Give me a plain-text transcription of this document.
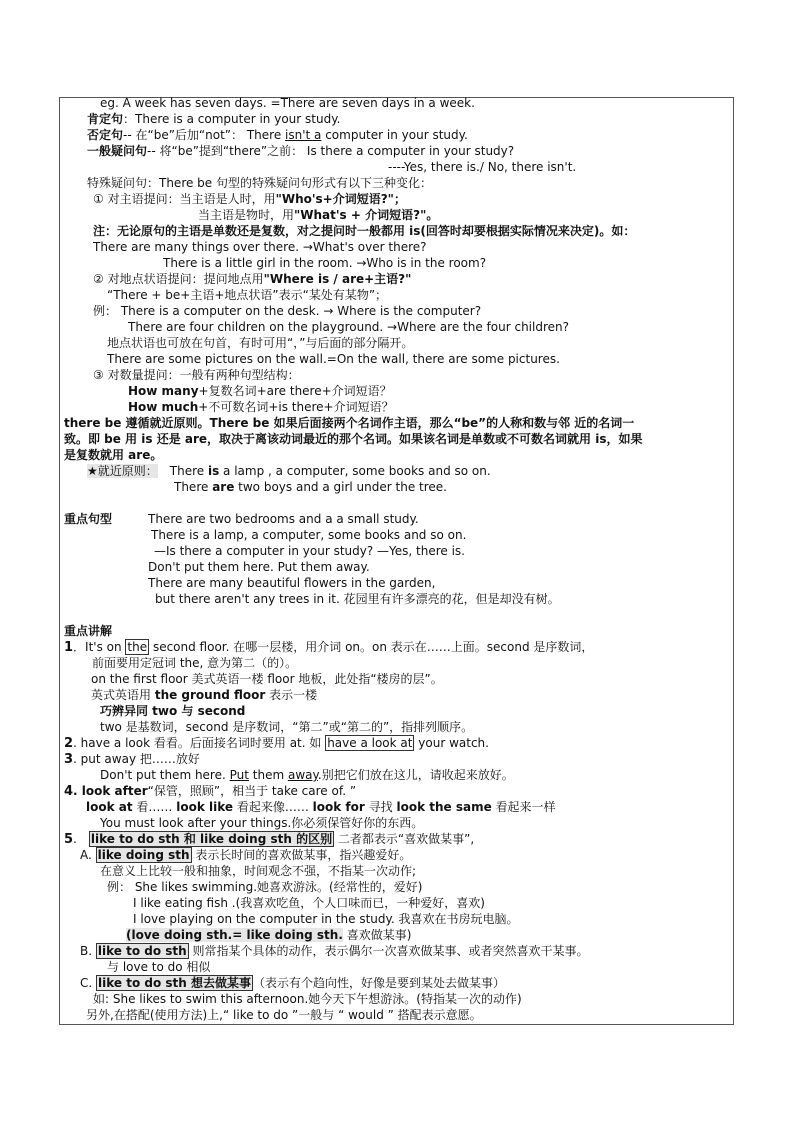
eg. A week has seven days. =There are seven days in a week.
肯定句：There is a computer in your study.
否定句-- 在“be”后加“not”： There isn't a computer in your study.
一般疑问句-- 将“be”提到“there”之前： Is there a computer in your study?
----Yes, there is./ No, there isn't.
特殊疑问句：There be 句型的特殊疑问句形式有以下三种变化：
① 对主语提问：当主语是人时，用"Who's+介词短语?"；
当主语是物时，用"What's + 介词短语?"。
注：无论原句的主语是单数还是复数，对之提问时一般都用 is(回答时却要根据实际情况来决定)。如：
There are many things over there. →What's over there?
There is a little girl in the room. →Who is in the room?
② 对地点状语提问：提问地点用"Where is / are+主语?"
“There + be+主语+地点状语”表示“某处有某物”；
例： There is a computer on the desk. → Where is the computer?
There are four children on the playground. →Where are the four children?
地点状语也可放在句首，有时可用“，”与后面的部分隔开。
There are some pictures on the wall.=On the wall, there are some pictures.
③ 对数量提问：一般有两种句型结构：
How many+复数名词+are there+介词短语？
How much+不可数名词+is there+介词短语？
there be 遵循就近原则。There be 如果后面接两个名词作主语，那么“be”的人称和数与邻 近的名词一
致。即 be 用 is 还是 are，取决于离该动词最近的那个名词。如果该名词是单数或不可数名词就用 is，如果
是复数就用 are。
★就近原则： There is a lamp , a computer, some books and so on.
There are two boys and a girl under the tree.
重点句型	There are two bedrooms and a a small study.
There is a lamp, a computer, some books and so on.
—Is there a computer in your study? —Yes, there is.
Don't put them here. Put them away.
There are many beautiful flowers in the garden,
but there aren't any trees in it. 花园里有许多漂亮的花，但是却没有树。
重点讲解
1．It's on the second floor. 在哪一层楼，用介词 on。on 表示在……上面。second 是序数词，
前面要用定冠词 the, 意为第二（的）。
on the first floor 美式英语一楼 floor 地板，此处指“楼房的层”。
英式英语用 the ground floor 表示一楼
巧辨异同 two 与 second
two 是基数词，second 是序数词，“第二”或“第二的”，指排列顺序。
2. have a look 看看。后面接名词时要用 at. 如 have a look at your watch.
3. put away 把……放好
Don't put them here. Put them away.别把它们放在这儿，请收起来放好。
4. look after“保管，照顾”，相当于 take care of. ”
look at 看…… look like 看起来像…… look for 寻找 look the same 看起来一样
You must look after your things.你必须保管好你的东西。
5. like to do sth 和 like doing sth 的区别 二者都表示“喜欢做某事”,
A. like doing sth 表示长时间的喜欢做某事，指兴趣爱好。
在意义上比较一般和抽象，时间观念不强，不指某一次动作;
例： She likes swimming.她喜欢游泳。(经常性的，爱好)
I like eating fish .(我喜欢吃鱼，个人口味而已，一种爱好，喜欢)
I love playing on the computer in the study. 我喜欢在书房玩电脑。
(love doing sth.= like doing sth. 喜欢做某事)
B. like to do sth 则常指某个具体的动作，表示偶尔一次喜欢做某事、或者突然喜欢干某事。
与 love to do 相似
C. like to do sth 想去做某事 （表示有个趋向性，好像是要到某处去做某事）
如: She likes to swim this afternoon.她今天下午想游泳。(特指某一次的动作)
另外,在搭配(使用方法)上,“ like to do ”一般与 “ would ” 搭配表示意愿。
